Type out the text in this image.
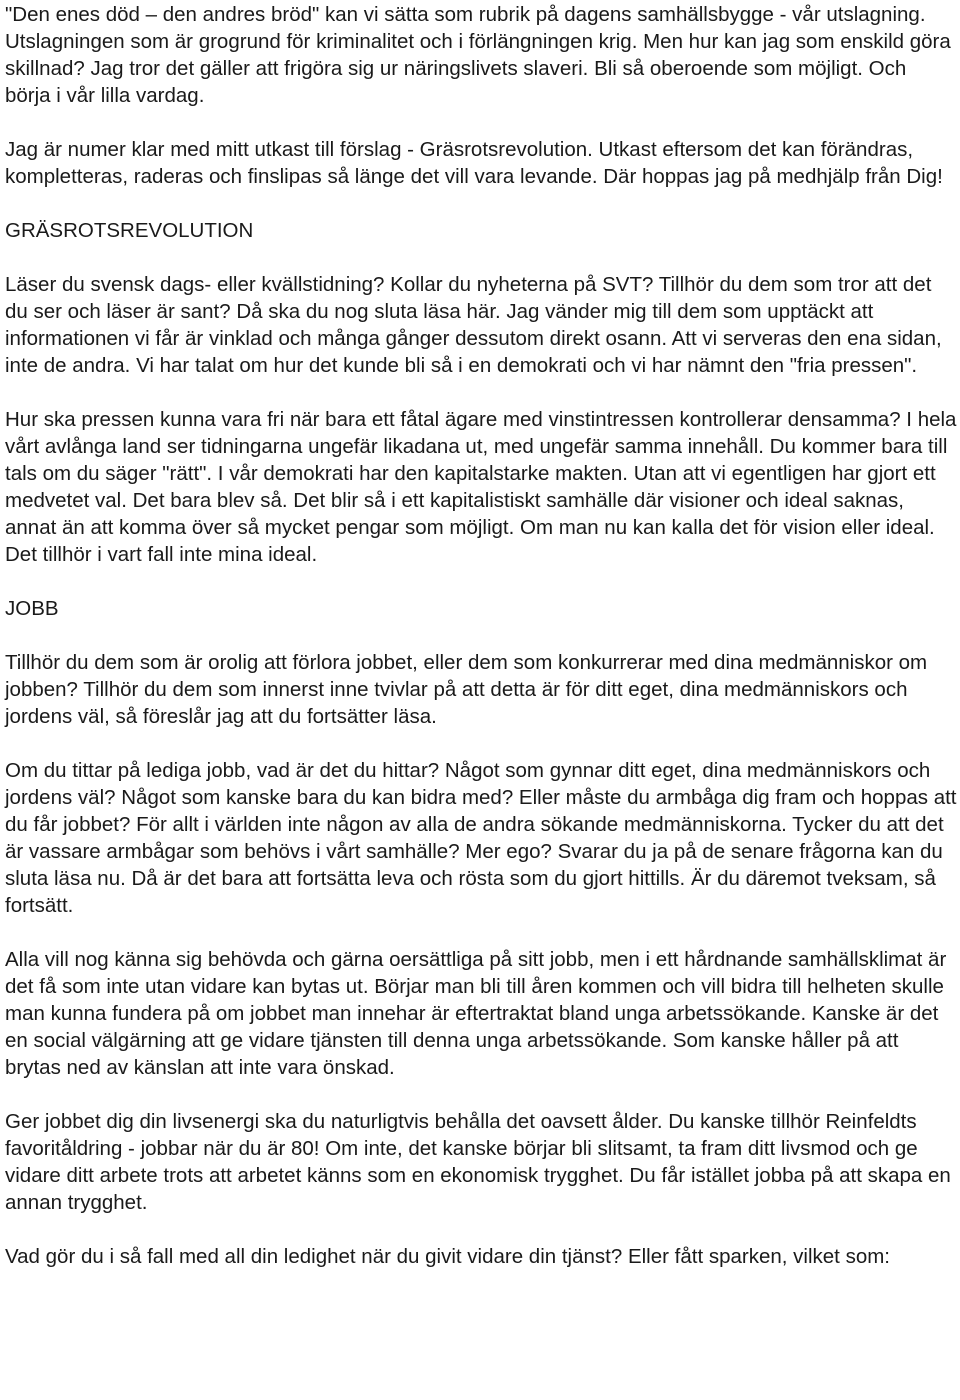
"Den enes död – den andres bröd" kan vi sätta som rubrik på dagens samhällsbygge - vår utslagning. Utslagningen som är grogrund för kriminalitet och i förlängningen krig. Men hur kan jag som enskild göra skillnad? Jag tror det gäller att frigöra sig ur näringslivets slaveri. Bli så oberoende som möjligt. Och börja i vår lilla vardag.

Jag är numer klar med mitt utkast till förslag - Gräsrotsrevolution. Utkast eftersom det kan förändras, kompletteras, raderas och finslipas så länge det vill vara levande. Där hoppas jag på medhjälp från Dig!

GRÄSROTSREVOLUTION

Läser du svensk dags- eller kvällstidning? Kollar du nyheterna på SVT? Tillhör du dem som tror att det du ser och läser är sant? Då ska du nog sluta läsa här. Jag vänder mig till dem som upptäckt att informationen vi får är vinklad och många gånger dessutom direkt osann. Att vi serveras den ena sidan, inte de andra. Vi har talat om hur det kunde bli så i en demokrati och vi har nämnt den "fria pressen".

Hur ska pressen kunna vara fri när bara ett fåtal ägare med vinstintressen kontrollerar densamma? I hela vårt avlånga land ser tidningarna ungefär likadana ut, med ungefär samma innehåll. Du kommer bara till tals om du säger "rätt". I vår demokrati har den kapitalstarke makten. Utan att vi egentligen har gjort ett medvetet val. Det bara blev så. Det blir så i ett kapitalistiskt samhälle där visioner och ideal saknas, annat än att komma över så mycket pengar som möjligt. Om man nu kan kalla det för vision eller ideal. Det tillhör i vart fall inte mina ideal.

JOBB

Tillhör du dem som är orolig att förlora jobbet, eller dem som konkurrerar med dina medmänniskor om jobben? Tillhör du dem som innerst inne tvivlar på att detta är för ditt eget, dina medmänniskors och jordens väl, så föreslår jag att du fortsätter läsa.

Om du tittar på lediga jobb, vad är det du hittar? Något som gynnar ditt eget, dina medmänniskors och jordens väl? Något som kanske bara du kan bidra med? Eller måste du armbåga dig fram och hoppas att du får jobbet? För allt i världen inte någon av alla de andra sökande medmänniskorna. Tycker du att det är vassare armbågar som behövs i vårt samhälle? Mer ego? Svarar du ja på de senare frågorna kan du sluta läsa nu. Då är det bara att fortsätta leva och rösta som du gjort hittills. Är du däremot tveksam, så fortsätt.

Alla vill nog känna sig behövda och gärna oersättliga på sitt jobb, men i ett hårdnande samhällsklimat är det få som inte utan vidare kan bytas ut. Börjar man bli till åren kommen och vill bidra till helheten skulle man kunna fundera på om jobbet man innehar är eftertraktat bland unga arbetssökande. Kanske är det en social välgärning att ge vidare tjänsten till denna unga arbetssökande. Som kanske håller på att brytas ned av känslan att inte vara önskad.

Ger jobbet dig din livsenergi ska du naturligtvis behålla det oavsett ålder. Du kanske tillhör Reinfeldts favoritåldring - jobbar när du är 80! Om inte, det kanske börjar bli slitsamt, ta fram ditt livsmod och ge vidare ditt arbete trots att arbetet känns som en ekonomisk trygghet. Du får istället jobba på att skapa en annan trygghet.

Vad gör du i så fall med all din ledighet när du givit vidare din tjänst? Eller fått sparken, vilket som:
